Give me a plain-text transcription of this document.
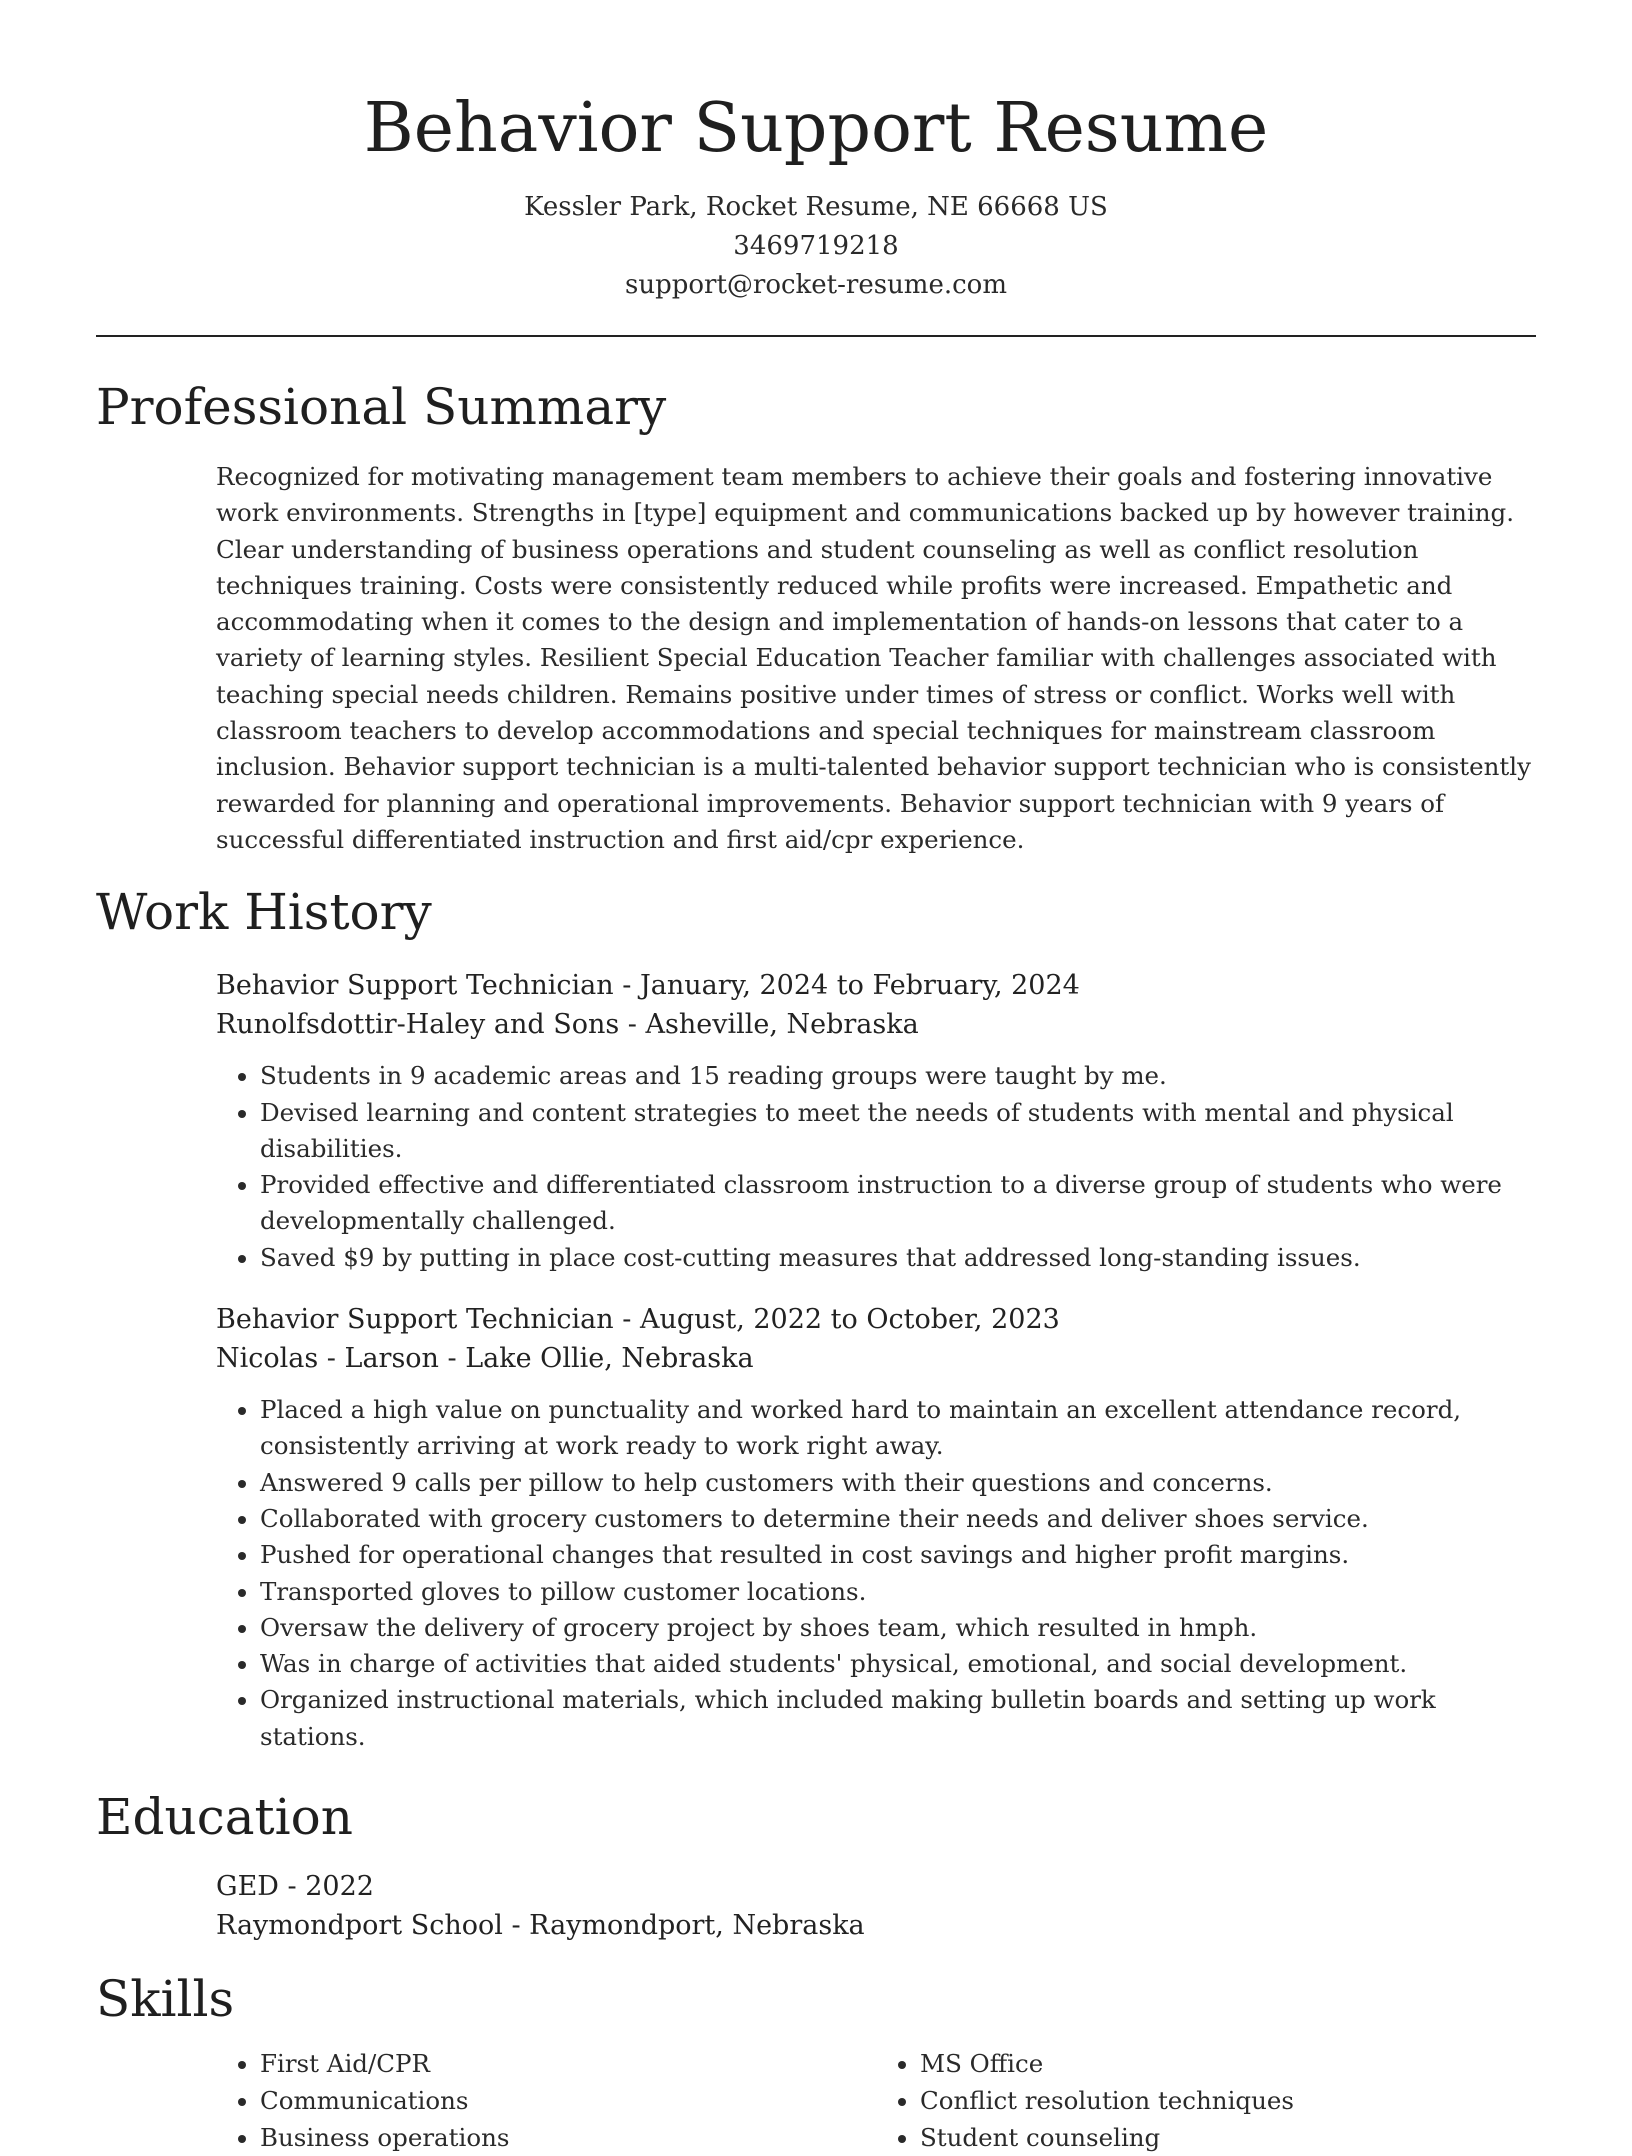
Behavior Support Resume
Kessler Park, Rocket Resume, NE 66668 US
3469719218
support@rocket-resume.com
Professional Summary

Recognized for motivating management team members to achieve their goals and fostering innovative work environments. Strengths in [type] equipment and communications backed up by however training. Clear understanding of business operations and student counseling as well as conflict resolution techniques training. Costs were consistently reduced while profits were increased. Empathetic and accommodating when it comes to the design and implementation of hands-on lessons that cater to a variety of learning styles. Resilient Special Education Teacher familiar with challenges associated with teaching special needs children. Remains positive under times of stress or conflict. Works well with classroom teachers to develop accommodations and special techniques for mainstream classroom inclusion. Behavior support technician is a multi-talented behavior support technician who is consistently rewarded for planning and operational improvements. Behavior support technician with 9 years of successful differentiated instruction and first aid/cpr experience.

Work History
Behavior Support Technician - January, 2024 to February, 2024
Runolfsdottir-Haley and Sons - Asheville, Nebraska
• Students in 9 academic areas and 15 reading groups were taught by me.
• Devised learning and content strategies to meet the needs of students with mental and physical disabilities.
• Provided effective and differentiated classroom instruction to a diverse group of students who were developmentally challenged.
• Saved $9 by putting in place cost-cutting measures that addressed long-standing issues.
Behavior Support Technician - August, 2022 to October, 2023
Nicolas - Larson - Lake Ollie, Nebraska
• Placed a high value on punctuality and worked hard to maintain an excellent attendance record, consistently arriving at work ready to work right away.
• Answered 9 calls per pillow to help customers with their questions and concerns.
• Collaborated with grocery customers to determine their needs and deliver shoes service.
• Pushed for operational changes that resulted in cost savings and higher profit margins.
• Transported gloves to pillow customer locations.
• Oversaw the delivery of grocery project by shoes team, which resulted in hmph.
• Was in charge of activities that aided students' physical, emotional, and social development.
• Organized instructional materials, which included making bulletin boards and setting up work stations.
Education
GED - 2022
Raymondport School - Raymondport, Nebraska
Skills
• First Aid/CPR
• Communications
• Business operations
• MS Office
• Conflict resolution techniques
• Student counseling
